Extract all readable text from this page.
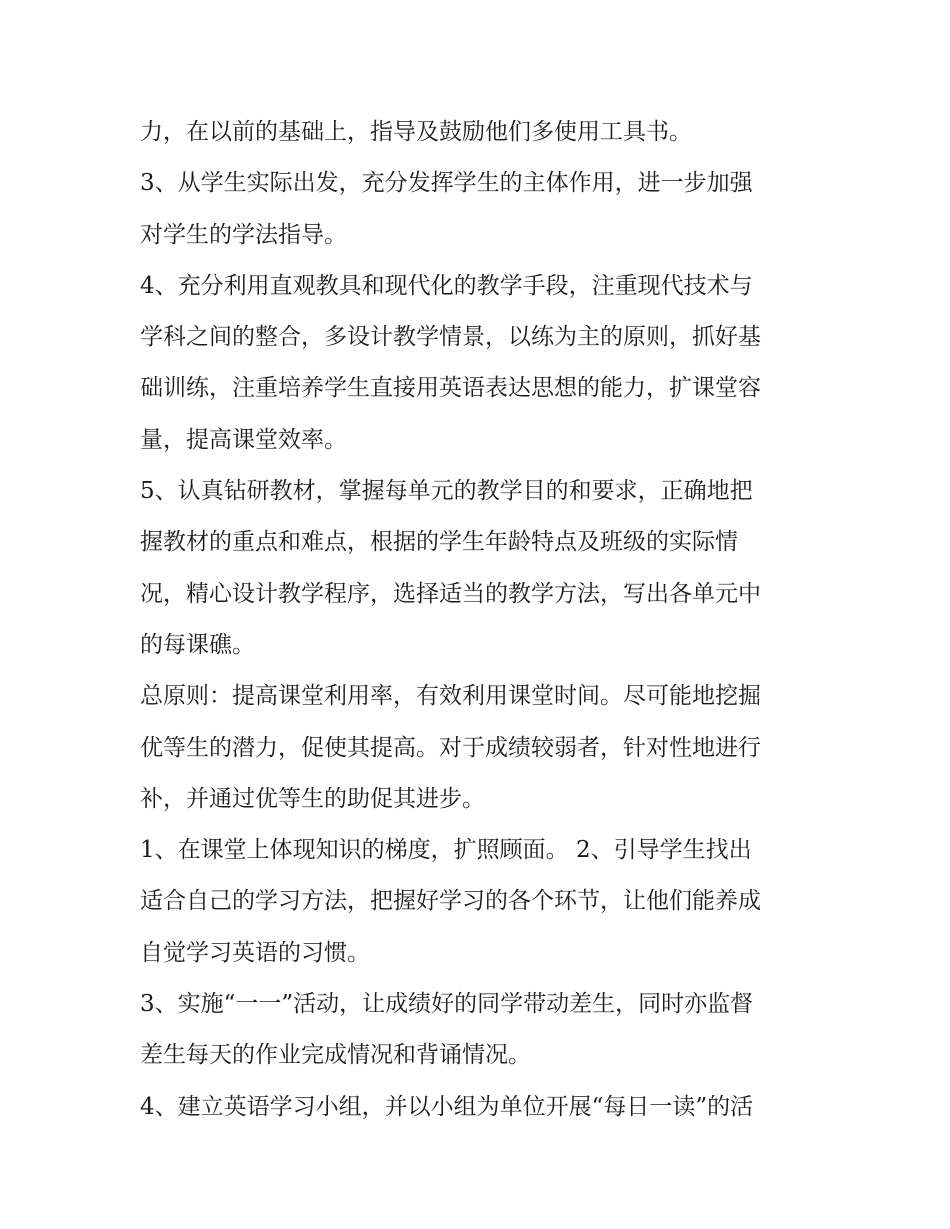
力，在以前的基础上，指导及鼓励他们多使用工具书。
3、从学生实际出发，充分发挥学生的主体作用，进一步加强
对学生的学法指导。
4、充分利用直观教具和现代化的教学手段，注重现代技术与
学科之间的整合，多设计教学情景，以练为主的原则，抓好基
础训练，注重培养学生直接用英语表达思想的能力，扩课堂容
量，提高课堂效率。
5、认真钻研教材，掌握每单元的教学目的和要求，正确地把
握教材的重点和难点，根据的学生年龄特点及班级的实际情
况，精心设计教学程序，选择适当的教学方法，写出各单元中
的每课礁。
总原则：提高课堂利用率，有效利用课堂时间。尽可能地挖掘
优等生的潜力，促使其提高。对于成绩较弱者，针对性地进行
补，并通过优等生的助促其进步。
1、在课堂上体现知识的梯度，扩照顾面。 2、引导学生找出
适合自己的学习方法，把握好学习的各个环节，让他们能养成
自觉学习英语的习惯。
3、实施“一一”活动，让成绩好的同学带动差生，同时亦监督
差生每天的作业完成情况和背诵情况。
4、建立英语学习小组，并以小组为单位开展“每日一读”的活
